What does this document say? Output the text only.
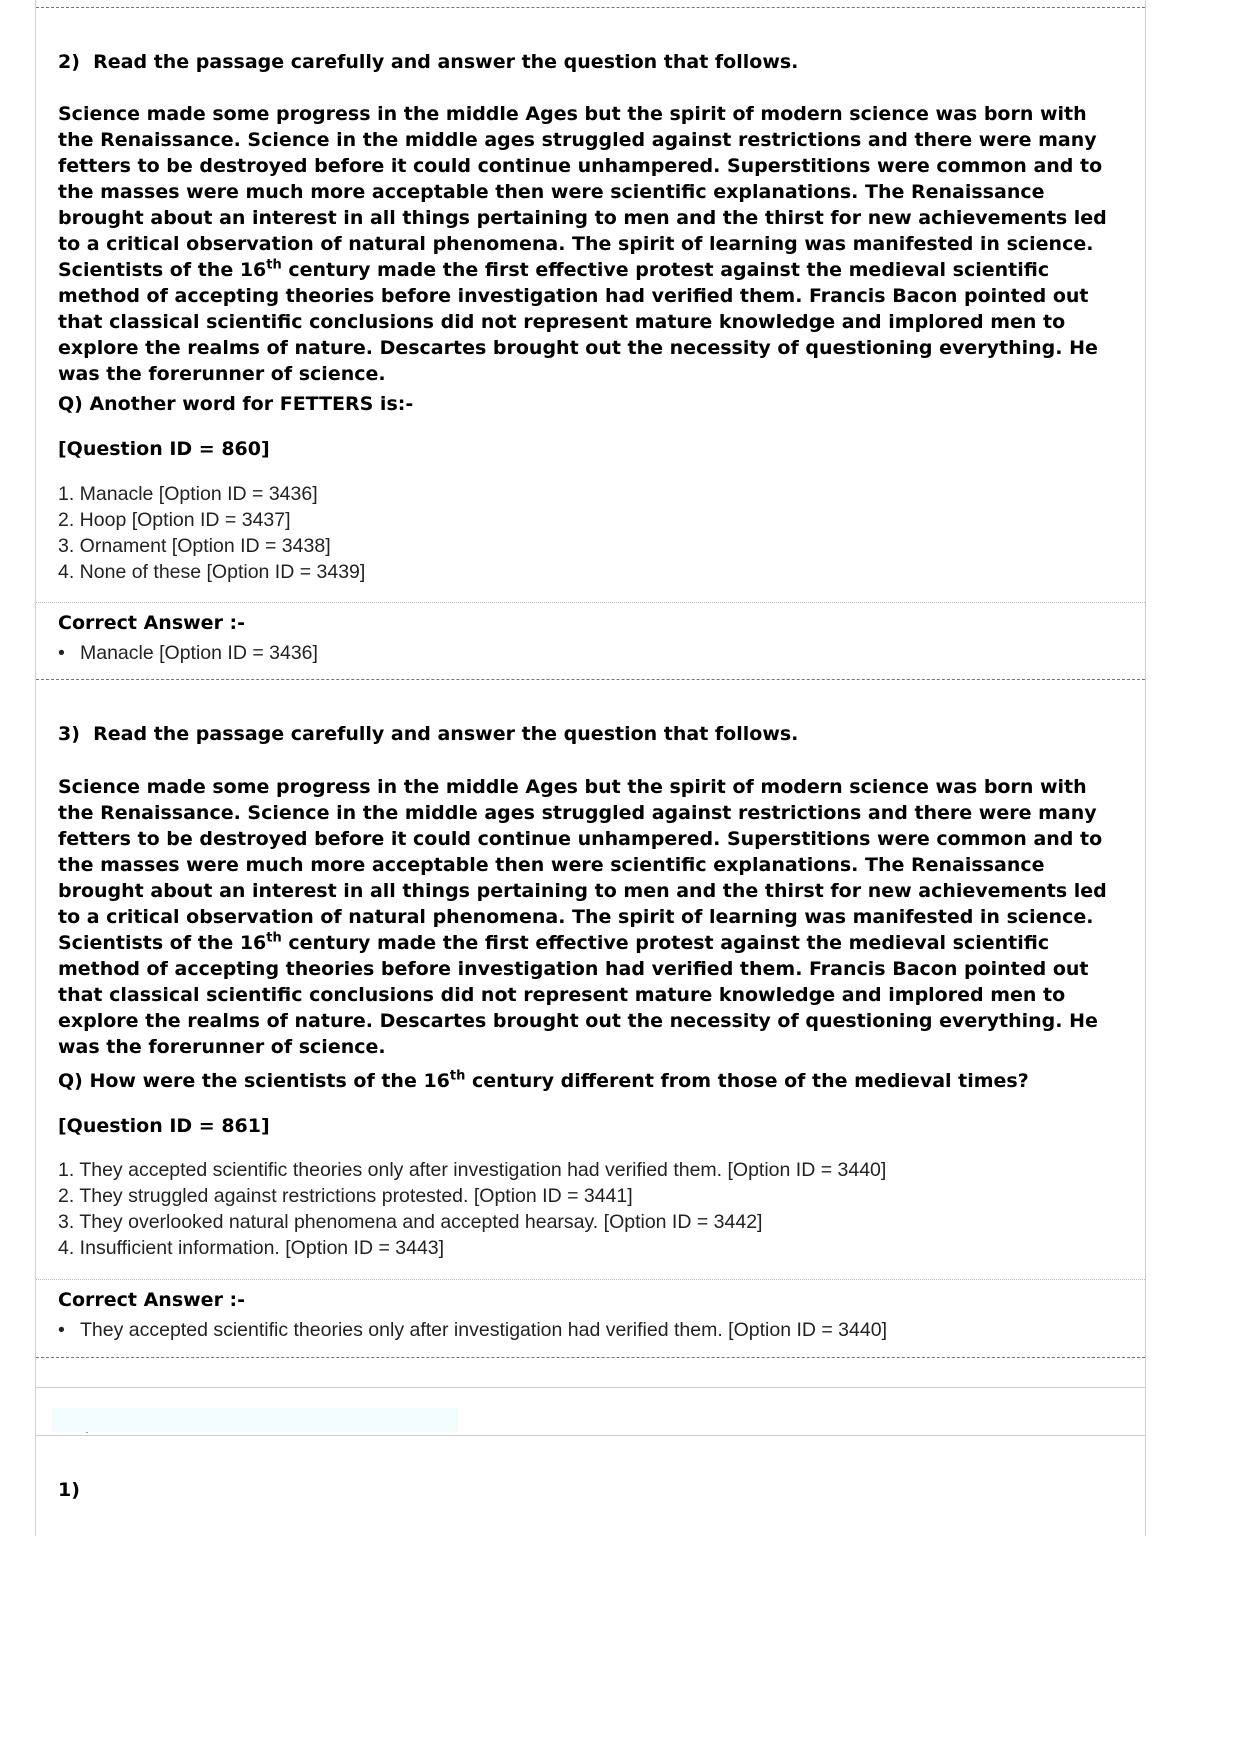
2) Read the passage carefully and answer the question that follows.

Science made some progress in the middle Ages but the spirit of modern science was born with the Renaissance. Science in the middle ages struggled against restrictions and there were many fetters to be destroyed before it could continue unhampered. Superstitions were common and to the masses were much more acceptable then were scientific explanations. The Renaissance brought about an interest in all things pertaining to men and the thirst for new achievements led to a critical observation of natural phenomena. The spirit of learning was manifested in science. Scientists of the 16th century made the first effective protest against the medieval scientific method of accepting theories before investigation had verified them. Francis Bacon pointed out that classical scientific conclusions did not represent mature knowledge and implored men to explore the realms of nature. Descartes brought out the necessity of questioning everything. He was the forerunner of science.

Q) Another word for FETTERS is:-
[Question ID = 860]
1. Manacle [Option ID = 3436]
2. Hoop [Option ID = 3437]
3. Ornament [Option ID = 3438]
4. None of these [Option ID = 3439]
Correct Answer :-
• Manacle [Option ID = 3436]
3) Read the passage carefully and answer the question that follows.

Science made some progress in the middle Ages but the spirit of modern science was born with the Renaissance. Science in the middle ages struggled against restrictions and there were many fetters to be destroyed before it could continue unhampered. Superstitions were common and to the masses were much more acceptable then were scientific explanations. The Renaissance brought about an interest in all things pertaining to men and the thirst for new achievements led to a critical observation of natural phenomena. The spirit of learning was manifested in science. Scientists of the 16th century made the first effective protest against the medieval scientific method of accepting theories before investigation had verified them. Francis Bacon pointed out that classical scientific conclusions did not represent mature knowledge and implored men to explore the realms of nature. Descartes brought out the necessity of questioning everything. He was the forerunner of science.

Q) How were the scientists of the 16th century different from those of the medieval times?
[Question ID = 861]
1. They accepted scientific theories only after investigation had verified them. [Option ID = 3440]
2. They struggled against restrictions protested. [Option ID = 3441]
3. They overlooked natural phenomena and accepted hearsay. [Option ID = 3442]
4. Insufficient information. [Option ID = 3443]
Correct Answer :-
• They accepted scientific theories only after investigation had verified them. [Option ID = 3440]
1)
